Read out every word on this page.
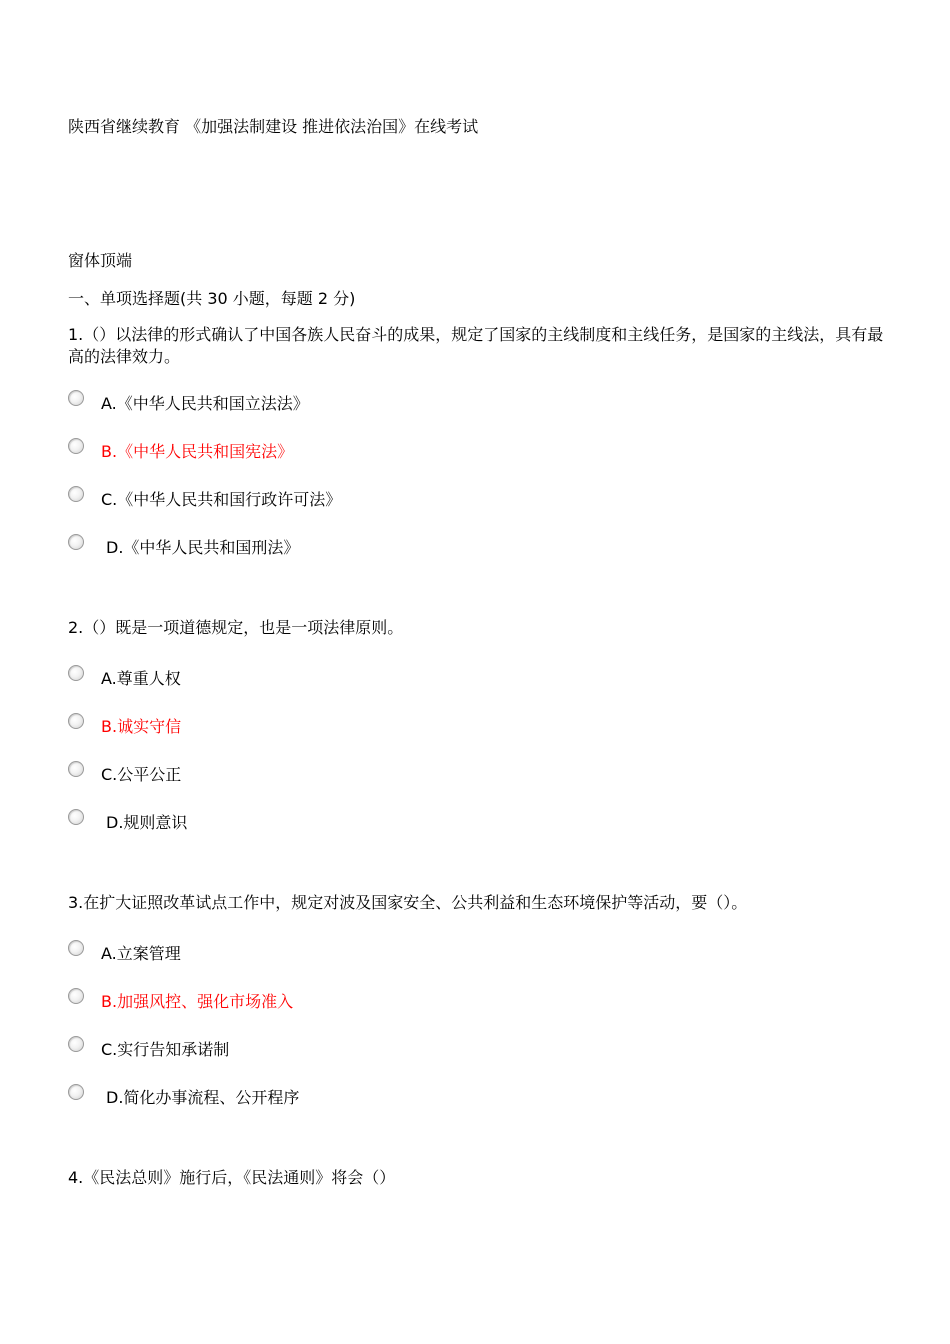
陕西省继续教育 《加强法制建设 推进依法治国》在线考试
窗体顶端
一、单项选择题(共 30 小题，每题 2 分)
1.（）以法律的形式确认了中国各族人民奋斗的成果，规定了国家的主线制度和主线任务，是国家的主线法，具有最高的法律效力。
A.《中华人民共和国立法法》
B.《中华人民共和国宪法》
C.《中华人民共和国行政许可法》
D.《中华人民共和国刑法》
2.（）既是一项道德规定，也是一项法律原则。
A.尊重人权
B.诚实守信
C.公平公正
D.规则意识
3.在扩大证照改革试点工作中，规定对波及国家安全、公共利益和生态环境保护等活动，要（）。
A.立案管理
B.加强风控、强化市场准入
C.实行告知承诺制
D.简化办事流程、公开程序
4.《民法总则》施行后，《民法通则》将会（）
